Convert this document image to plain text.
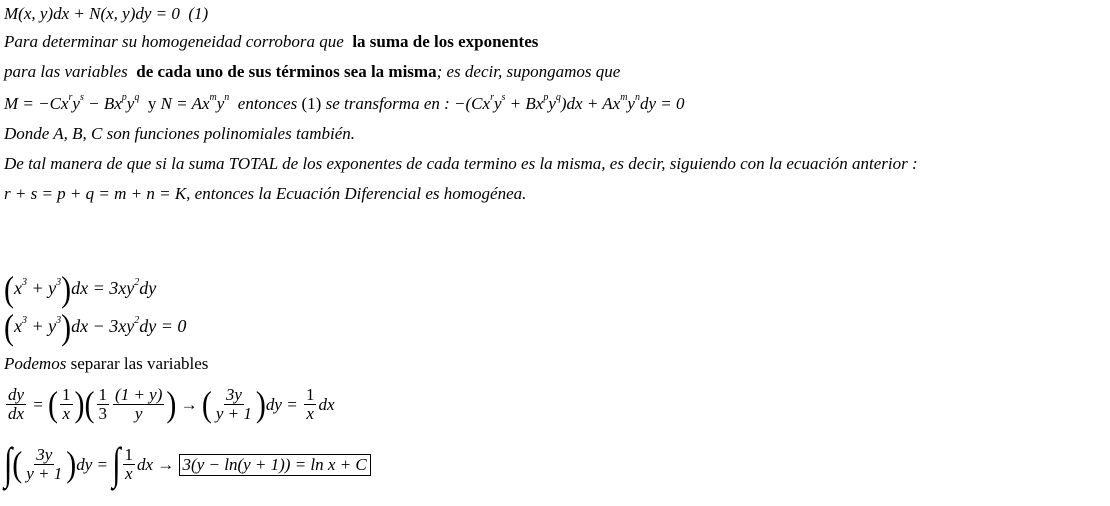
M(x, y)dx + N(x, y)dy = 0  (1)
Para determinar su homogeneidad corrobora que la suma de los exponentes
para las variables de cada uno de sus términos sea la misma; es decir, supongamos que
$M = -Cx^ry^s - Bx^py^q$ y $N = Ax^my^n$  entonces (1) se transforma en : $-(Cx^ry^s + Bx^py^q)dx + Ax^my^ndy = 0$
Donde A, B, C son funciones polinomiales también.
De tal manera de que si la suma TOTAL de los exponentes de cada termino es la misma, es decir, siguiendo con la ecuación anterior :
r + s = p + q = m + n = K, entonces la Ecuación Diferencial es homogénea.
$(x^3 + y^3)dx = 3xy^2dy$
$(x^3 + y^3)dx - 3xy^2dy = 0$
Podemos separar las variables
$\frac{dy}{dx}$ = ( $\frac{1}{x}$ )( $\frac{1}{3} \frac{(1 + y)}{y}$ ) → ( $\frac{3y}{y + 1} )dy = \frac{1}{x}$ dx
∫( $\frac{3y}{y + 1} )dy$ = ∫ $\frac{1}{x}$ dx → 3(y − ln(y + 1)) = ln x + C
